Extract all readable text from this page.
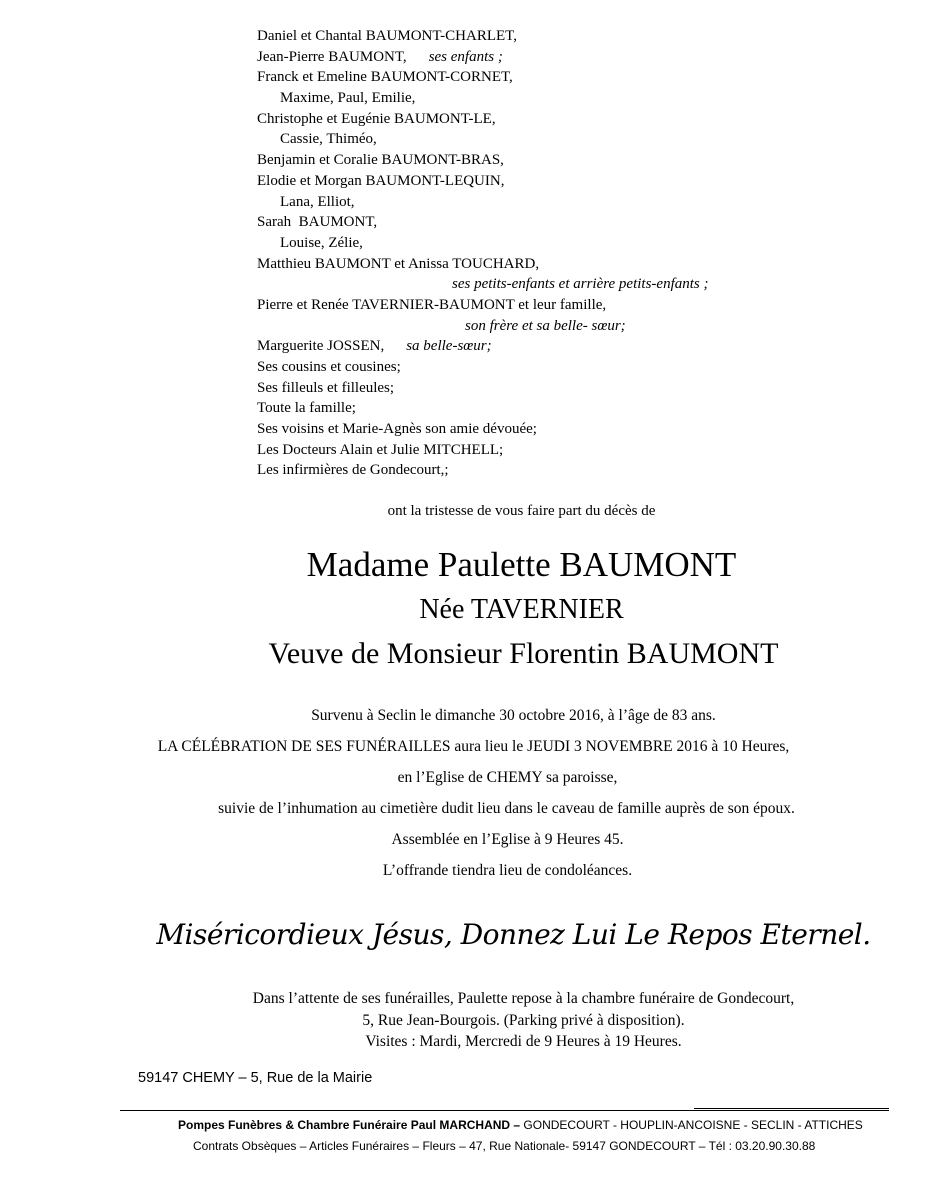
Daniel et Chantal BAUMONT-CHARLET,
Jean-Pierre BAUMONT, ses enfants ;
Franck et Emeline BAUMONT-CORNET,
Maxime, Paul, Emilie,
Christophe et Eugénie BAUMONT-LE,
Cassie, Thiméo,
Benjamin et Coralie BAUMONT-BRAS,
Elodie et Morgan BAUMONT-LEQUIN,
Lana, Elliot,
Sarah  BAUMONT,
Louise, Zélie,
Matthieu BAUMONT et Anissa TOUCHARD,
ses petits-enfants et arrière petits-enfants ;
Pierre et Renée TAVERNIER-BAUMONT et leur famille,
son frère et sa belle- sœur;
Marguerite JOSSEN, sa belle-sœur;
Ses cousins et cousines;
Ses filleuls et filleules;
Toute la famille;
Ses voisins et Marie-Agnès son amie dévouée;
Les Docteurs Alain et Julie MITCHELL;
Les infirmières de Gondecourt,;
ont la tristesse de vous faire part du décès de
Madame Paulette BAUMONT
Née TAVERNIER
Veuve de Monsieur Florentin BAUMONT
Survenu à Seclin le dimanche 30 octobre 2016, à l’âge de 83 ans.
LA CÉLÉBRATION DE SES FUNÉRAILLES aura lieu le JEUDI 3 NOVEMBRE 2016 à 10 Heures,
en l’Eglise de CHEMY sa paroisse,
suivie de l’inhumation au cimetière dudit lieu dans le caveau de famille auprès de son époux.
Assemblée en l’Eglise à 9 Heures 45.
L’offrande tiendra lieu de condoléances.
Miséricordieux Jésus, Donnez Lui Le Repos Eternel.
Dans l’attente de ses funérailles, Paulette repose à la chambre funéraire de Gondecourt,
5, Rue Jean-Bourgois. (Parking privé à disposition).
Visites : Mardi, Mercredi de 9 Heures à 19 Heures.
59147 CHEMY – 5, Rue de la Mairie
Pompes Funèbres & Chambre Funéraire Paul MARCHAND – GONDECOURT - HOUPLIN-ANCOISNE - SECLIN - ATTICHES
Contrats Obsèques – Articles Funéraires – Fleurs – 47, Rue Nationale- 59147 GONDECOURT – Tél : 03.20.90.30.88
